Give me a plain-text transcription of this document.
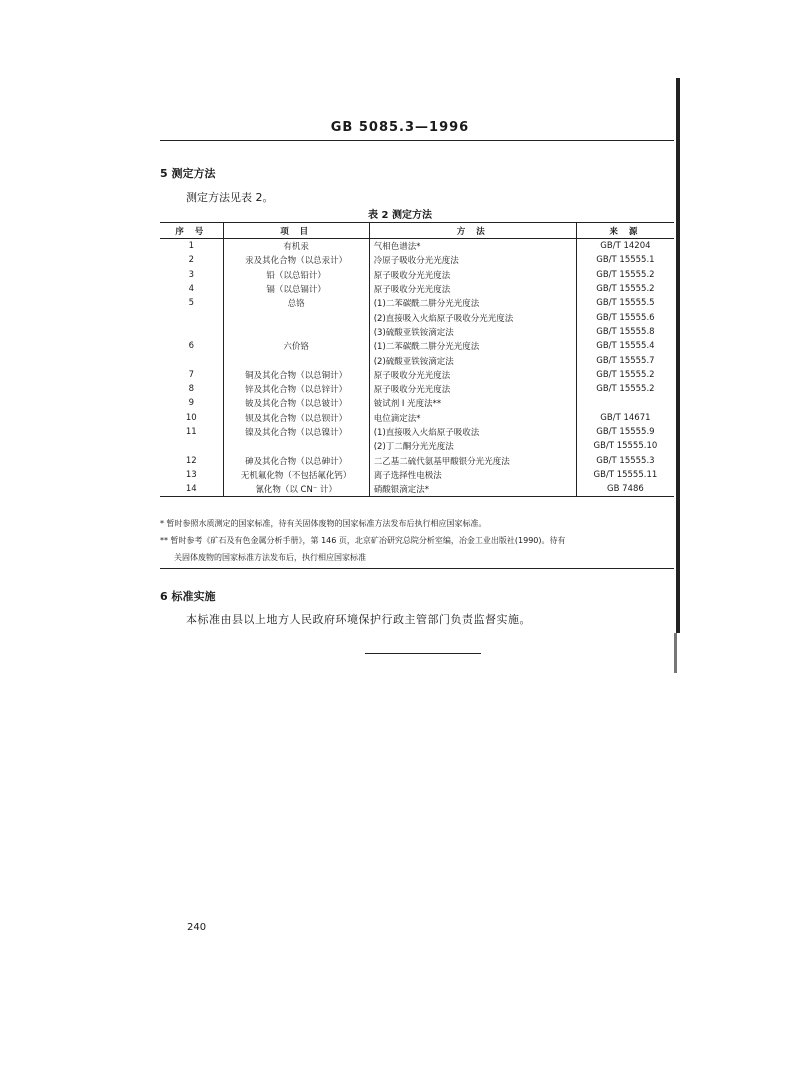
GB 5085.3—1996
5 测定方法
测定方法见表 2。
表 2 测定方法
序 号	项 目	方 法	来 源
1	有机汞	气相色谱法*	GB/T 14204
2	汞及其化合物（以总汞计）	冷原子吸收分光光度法	GB/T 15555.1
3	铅（以总铅计）	原子吸收分光光度法	GB/T 15555.2
4	镉（以总镉计）	原子吸收分光光度法	GB/T 15555.2
5	总铬	(1)二苯碳酰二肼分光光度法	GB/T 15555.5
		(2)直接吸入火焰原子吸收分光光度法	GB/T 15555.6
		(3)硫酸亚铁铵滴定法	GB/T 15555.8
6	六价铬	(1)二苯碳酰二肼分光光度法	GB/T 15555.4
		(2)硫酸亚铁铵滴定法	GB/T 15555.7
7	铜及其化合物（以总铜计）	原子吸收分光光度法	GB/T 15555.2
8	锌及其化合物（以总锌计）	原子吸收分光光度法	GB/T 15555.2
9	铍及其化合物（以总铍计）	铍试剂 I 光度法**	
10	钡及其化合物（以总钡计）	电位滴定法*	GB/T 14671
11	镍及其化合物（以总镍计）	(1)直接吸入火焰原子吸收法	GB/T 15555.9
		(2)丁二酮分光光度法	GB/T 15555.10
12	砷及其化合物（以总砷计）	二乙基二硫代氨基甲酸银分光光度法	GB/T 15555.3
13	无机氟化物（不包括氟化钙）	离子选择性电极法	GB/T 15555.11
14	氰化物（以 CN⁻ 计）	硝酸银滴定法*	GB 7486
* 暂时参照水质测定的国家标准，待有关固体废物的国家标准方法发布后执行相应国家标准。
** 暂时参考《矿石及有色金属分析手册》，第 146 页，北京矿冶研究总院分析室编，冶金工业出版社(1990)。待有
关固体废物的国家标准方法发布后，执行相应国家标准
6 标准实施
本标准由县以上地方人民政府环境保护行政主管部门负责监督实施。
240
